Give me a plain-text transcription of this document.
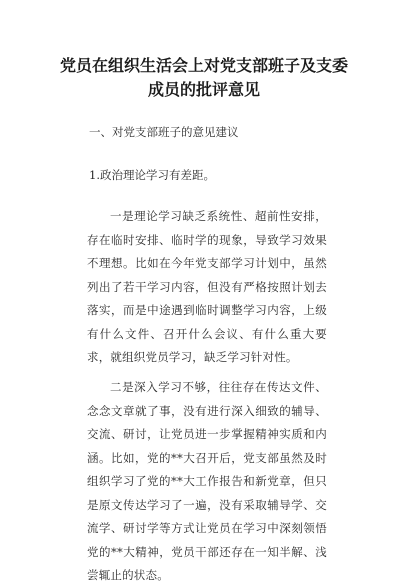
党员在组织生活会上对党支部班子及支委
成员的批评意见
一、对党支部班子的意见建议
1.政治理论学习有差距。

一是理论学习缺乏系统性、超前性安排，存在临时安排、临时学的现象，导致学习效果不理想。比如在今年党支部学习计划中，虽然列出了若干学习内容，但没有严格按照计划去落实，而是中途遇到临时调整学习内容，上级有什么文件、召开什么会议、有什么重大要求，就组织党员学习，缺乏学习针对性。

二是深入学习不够，往往存在传达文件、念念文章就了事，没有进行深入细致的辅导、交流、研讨，让党员进一步掌握精神实质和内涵。比如，党的**大召开后，党支部虽然及时组织学习了党的**大工作报告和新党章，但只是原文传达学习了一遍，没有采取辅导学、交流学、研讨学等方式让党员在学习中深刻领悟党的**大精神，党员干部还存在一知半解、浅尝辄止的状态。
